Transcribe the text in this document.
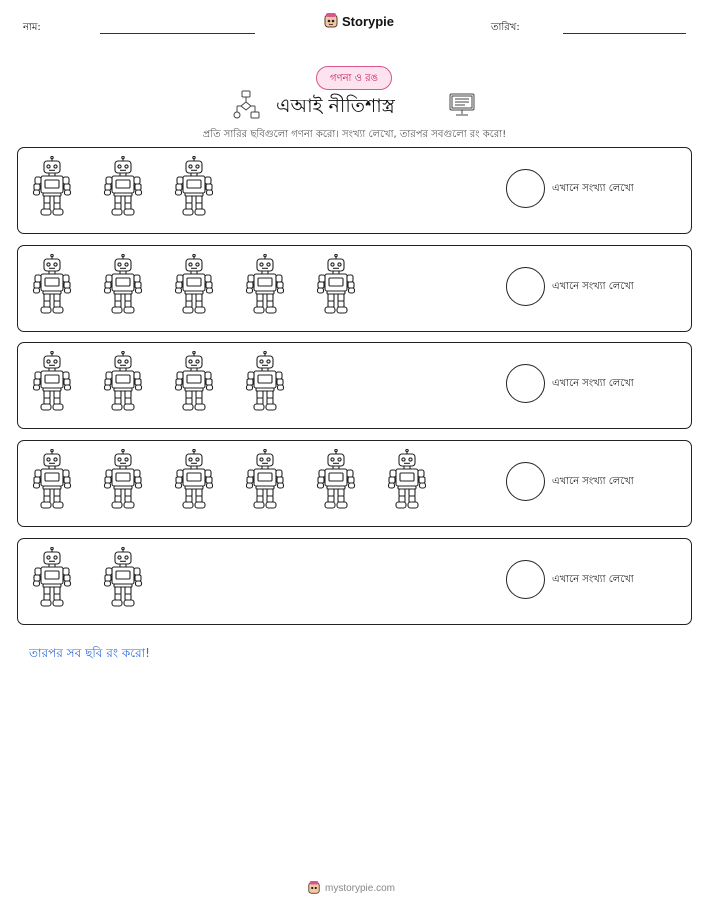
নাম:	Storypie	তারিখ:
গণনা ও রঙ
এআই নীতিশাস্ত্র
প্রতি সারির ছবিগুলো গণনা করো। সংখ্যা লেখো, তারপর সবগুলো রং করো!
এখানে সংখ্যা লেখো
এখানে সংখ্যা লেখো
এখানে সংখ্যা লেখো
এখানে সংখ্যা লেখো
এখানে সংখ্যা লেখো
তারপর সব ছবি রং করো!
mystorypie.com
